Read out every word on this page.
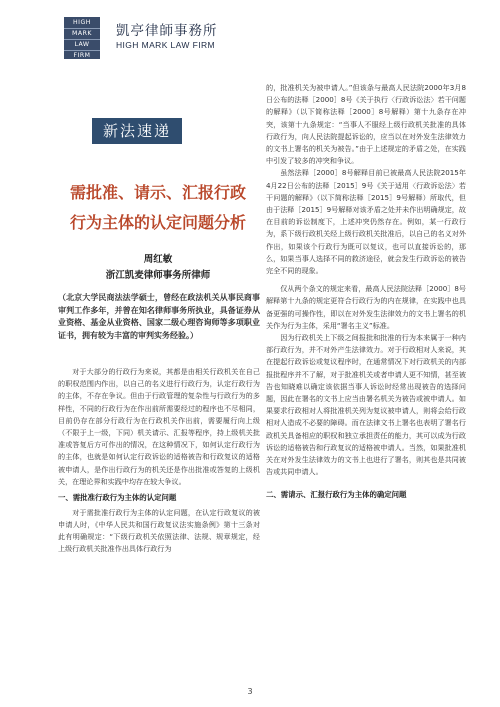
HIGH
MARK
LAW
FIRM
凱亭律師事務所
HIGH MARK LAW FIRM
新法速递
需批准、请示、汇报行政
行为主体的认定问题分析
周红敏
浙江凯麦律师事务所律师
（北京大学民商法法学硕士，曾经在政法机关从事民商事审判工作多年，并曾在知名律师事务所执业，具备证券从业资格、基金从业资格、国家二级心理咨询师等多项职业证书，拥有较为丰富的审判实务经验。）

对于大部分的行政行为来说，其都是由相关行政机关在自己的职权范围内作出，以自己的名义进行行政行为，认定行政行为的主体，不存在争议。但由于行政管理的复杂性与行政行为的多样性，不同的行政行为在作出前所需要经过的程序也不尽相同，目前仍存在部分行政行为在行政机关作出前，需要履行向上级（不限于上一级，下同）机关请示、汇报等程序，持上级机关批准或答复后方可作出的情况，在这种情况下，如何认定行政行为的主体，也就是如何认定行政诉讼的适格被告和行政复议的适格被申请人，是作出行政行为的机关还是作出批准或答复的上级机关，在理论界和实践中均存在较大争议。

一、需批准行政行为主体的认定问题

对于需批准行政行为主体的认定问题，在认定行政复议的被申请人时，《中华人民共和国行政复议法实施条例》第十三条对此有明确规定：“下级行政机关依照法律、法规、规章规定，经上级行政机关批准作出具体行政行为

的，批准机关为被申请人。”但该条与最高人民法院2000年3月8日公布的法释［2000］8号《关于执行〈行政诉讼法〉若干问题的解释》（以下简称法释［2000］8号解释）第十九条存在冲突，该第十九条规定：“当事人不服经上级行政机关批准的具体行政行为，向人民法院提起诉讼的，应当以在对外发生法律效力的文书上署名的机关为被告。”由于上述规定的矛盾之处，在实践中引发了较多的冲突和争议。

虽然法释［2000］8号解释目前已被最高人民法院2015年4月22日公布的法释［2015］9号《关于适用〈行政诉讼法〉若干问题的解释》（以下简称法释［2015］9号解释）所取代，但由于法释［2015］9号解释对该矛盾之处并未作出明确规定，故在目前的诉讼制度下，上述冲突仍然存在。例如，某一行政行为，系下级行政机关经上级行政机关批准后，以自己的名义对外作出，如果该个行政行为既可以复议，也可以直接诉讼的，那么，如果当事人选择不同的救济途径，就会发生行政诉讼的被告完全不同的现象。

仅从两个条文的规定来看，最高人民法院法释［2000］8号解释第十九条的规定更符合行政行为的内在规律，在实践中也具备更强的可操作性，即以在对外发生法律效力的文书上署名的机关作为行为主体，采用“署名主义”标准。

因为行政机关上下级之间报批和批准的行为本来属于一种内部行政行为，并不对外产生法律效力。对于行政相对人来说，其在提起行政诉讼或复议程序时，在通常情况下对行政机关的内部报批程序并不了解，对于批准机关或者申请人更不知情，甚至被告也知晓难以确定该依据当事人诉讼时经常出现被告的选择问题，因此在署名的文书上应当由署名机关为被告或被申请人。如果要求行政相对人将批准机关列为复议被申请人，则将会给行政相对人造成不必要的障碍。而在法律文书上署名也表明了署名行政机关具备相应的职权和独立承担责任的能力，其可以成为行政诉讼的适格被告和行政复议的适格被申请人。当然，如果批准机关在对外发生法律效力的文书上也进行了署名，则其也是共同被告或共同申请人。

二、需请示、汇报行政行为主体的确定问题

3
